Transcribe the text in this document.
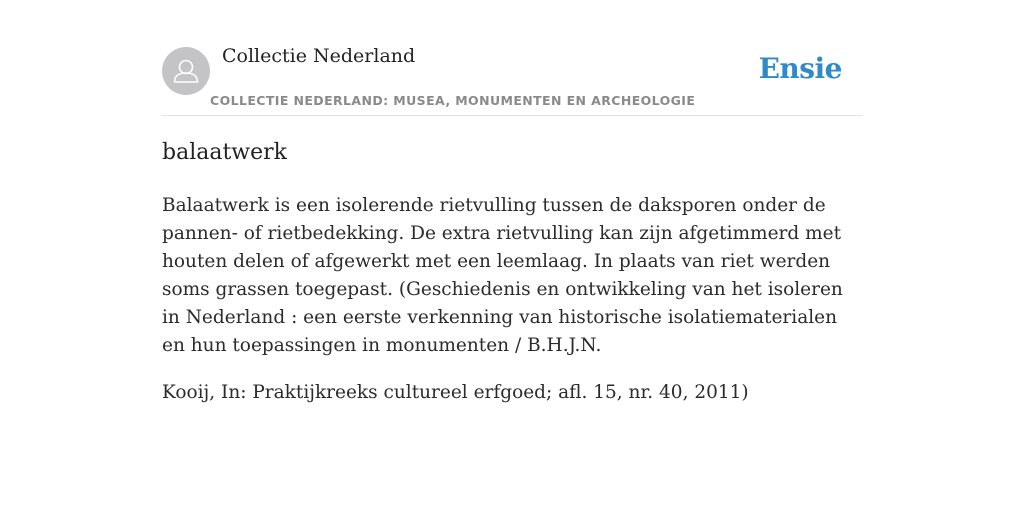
Collectie Nederland
COLLECTIE NEDERLAND: MUSEA, MONUMENTEN EN ARCHEOLOGIE
Ensie
balaatwerk

Balaatwerk is een isolerende rietvulling tussen de daksporen onder de pannen- of rietbedekking. De extra rietvulling kan zijn afgetimmerd met houten delen of afgewerkt met een leemlaag. In plaats van riet werden soms grassen toegepast. (Geschiedenis en ontwikkeling van het isoleren in Nederland : een eerste verkenning van historische isolatiematerialen en hun toepassingen in monumenten / B.H.J.N.

Kooij, In: Praktijkreeks cultureel erfgoed; afl. 15, nr. 40, 2011)
